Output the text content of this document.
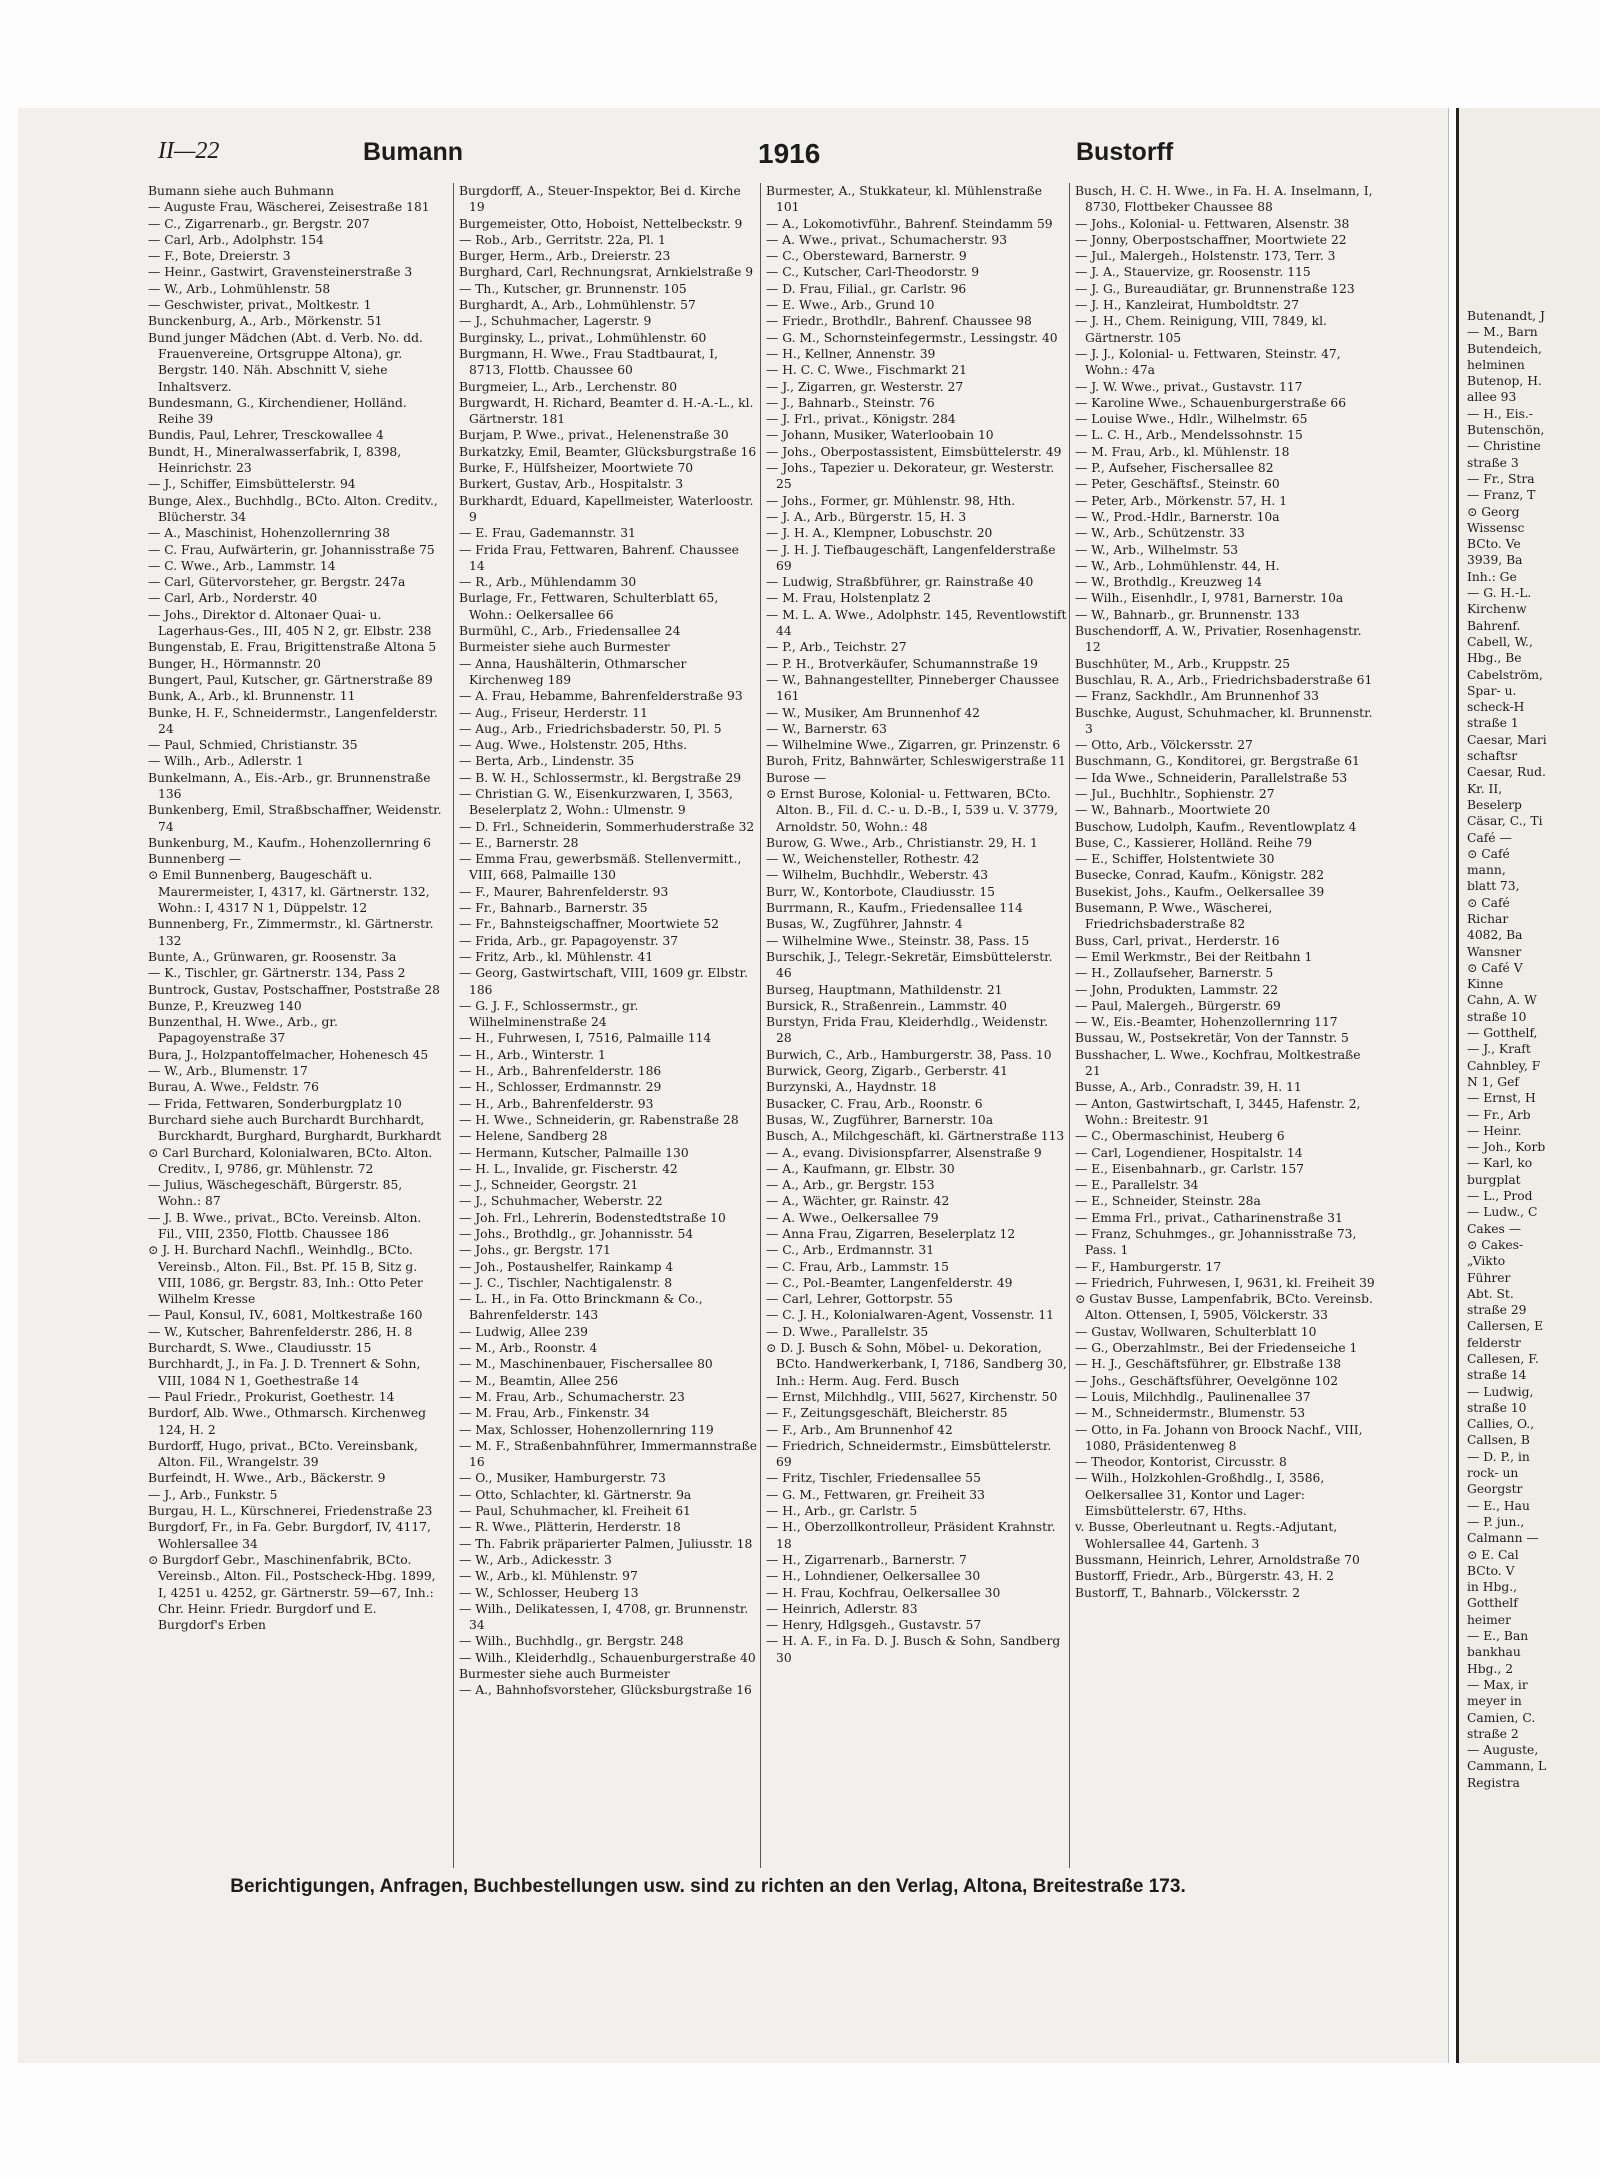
II—22	Bumann	1916	Bustorff

Bumann siehe auch Buhmann

— Auguste Frau, Wäscherei, Zeisestraße 181

— C., Zigarrenarb., gr. Bergstr. 207

— Carl, Arb., Adolphstr. 154

— F., Bote, Dreierstr. 3

— Heinr., Gastwirt, Gravensteinerstraße 3

— W., Arb., Lohmühlenstr. 58

— Geschwister, privat., Moltkestr. 1

Bunckenburg, A., Arb., Mörkenstr. 51

Bund junger Mädchen (Abt. d. Verb. No. dd. Frauenvereine, Ortsgruppe Altona), gr. Bergstr. 140. Näh. Abschnitt V, siehe Inhaltsverz.

Bundesmann, G., Kirchendiener, Holländ. Reihe 39

Bundis, Paul, Lehrer, Tresckowallee 4

Bundt, H., Mineralwasserfabrik, I, 8398, Heinrichstr. 23

— J., Schiffer, Eimsbüttelerstr. 94

Bunge, Alex., Buchhdlg., BCto. Alton. Creditv., Blücherstr. 34

— A., Maschinist, Hohenzollernring 38

— C. Frau, Aufwärterin, gr. Johannisstraße 75

— C. Wwe., Arb., Lammstr. 14

— Carl, Gütervorsteher, gr. Bergstr. 247a

— Carl, Arb., Norderstr. 40

— Johs., Direktor d. Altonaer Quai- u. Lagerhaus-Ges., III, 405 N 2, gr. Elbstr. 238

Bungenstab, E. Frau, Brigittenstraße Altona 5

Bunger, H., Hörmannstr. 20

Bungert, Paul, Kutscher, gr. Gärtnerstraße 89

Bunk, A., Arb., kl. Brunnenstr. 11

Bunke, H. F., Schneidermstr., Langenfelderstr. 24

— Paul, Schmied, Christianstr. 35

— Wilh., Arb., Adlerstr. 1

Bunkelmann, A., Eis.-Arb., gr. Brunnenstraße 136

Bunkenberg, Emil, Straßbschaffner, Weidenstr. 74

Bunkenburg, M., Kaufm., Hohenzollernring 6

Bunnenberg —

⊙ Emil Bunnenberg, Baugeschäft u. Maurermeister, I, 4317, kl. Gärtnerstr. 132, Wohn.: I, 4317 N 1, Düppelstr. 12

Bunnenberg, Fr., Zimmermstr., kl. Gärtnerstr. 132

Bunte, A., Grünwaren, gr. Roosenstr. 3a

— K., Tischler, gr. Gärtnerstr. 134, Pass 2

Buntrock, Gustav, Postschaffner, Poststraße 28

Bunze, P., Kreuzweg 140

Bunzenthal, H. Wwe., Arb., gr. Papagoyenstraße 37

Bura, J., Holzpantoffelmacher, Hohenesch 45

— W., Arb., Blumenstr. 17

Burau, A. Wwe., Feldstr. 76

— Frida, Fettwaren, Sonderburgplatz 10

Burchard siehe auch Burchardt Burchhardt, Burckhardt, Burghard, Burghardt, Burkhardt

⊙ Carl Burchard, Kolonialwaren, BCto. Alton. Creditv., I, 9786, gr. Mühlenstr. 72

— Julius, Wäschegeschäft, Bürgerstr. 85, Wohn.: 87

— J. B. Wwe., privat., BCto. Vereinsb. Alton. Fil., VIII, 2350, Flottb. Chaussee 186

⊙ J. H. Burchard Nachfl., Weinhdlg., BCto. Vereinsb., Alton. Fil., Bst. Pf. 15 B, Sitz g. VIII, 1086, gr. Bergstr. 83, Inh.: Otto Peter Wilhelm Kresse

— Paul, Konsul, IV., 6081, Moltkestraße 160

— W., Kutscher, Bahrenfelderstr. 286, H. 8

Burchardt, S. Wwe., Claudiusstr. 15

Burchhardt, J., in Fa. J. D. Trennert & Sohn, VIII, 1084 N 1, Goethestraße 14

— Paul Friedr., Prokurist, Goethestr. 14

Burdorf, Alb. Wwe., Othmarsch. Kirchenweg 124, H. 2

Burdorff, Hugo, privat., BCto. Vereinsbank, Alton. Fil., Wrangelstr. 39

Burfeindt, H. Wwe., Arb., Bäckerstr. 9

— J., Arb., Funkstr. 5

Burgau, H. L., Kürschnerei, Friedenstraße 23

Burgdorf, Fr., in Fa. Gebr. Burgdorf, IV, 4117, Wohlersallee 34

⊙ Burgdorf Gebr., Maschinenfabrik, BCto. Vereinsb., Alton. Fil., Postscheck-Hbg. 1899, I, 4251 u. 4252, gr. Gärtnerstr. 59—67, Inh.: Chr. Heinr. Friedr. Burgdorf und E. Burgdorf's Erben

Burgdorff, A., Steuer-Inspektor, Bei d. Kirche 19

Burgemeister, Otto, Hoboist, Nettelbeckstr. 9

— Rob., Arb., Gerritstr. 22a, Pl. 1

Burger, Herm., Arb., Dreierstr. 23

Burghard, Carl, Rechnungsrat, Arnkielstraße 9

— Th., Kutscher, gr. Brunnenstr. 105

Burghardt, A., Arb., Lohmühlenstr. 57

— J., Schuhmacher, Lagerstr. 9

Burginsky, L., privat., Lohmühlenstr. 60

Burgmann, H. Wwe., Frau Stadtbaurat, I, 8713, Flottb. Chaussee 60

Burgmeier, L., Arb., Lerchenstr. 80

Burgwardt, H. Richard, Beamter d. H.-A.-L., kl. Gärtnerstr. 181

Burjam, P. Wwe., privat., Helenenstraße 30

Burkatzky, Emil, Beamter, Glücksburgstraße 16

Burke, F., Hülfsheizer, Moortwiete 70

Burkert, Gustav, Arb., Hospitalstr. 3

Burkhardt, Eduard, Kapellmeister, Waterloostr. 9

— E. Frau, Gademannstr. 31

— Frida Frau, Fettwaren, Bahrenf. Chaussee 14

— R., Arb., Mühlendamm 30

Burlage, Fr., Fettwaren, Schulterblatt 65, Wohn.: Oelkersallee 66

Burmühl, C., Arb., Friedensallee 24

Burmeister siehe auch Burmester

— Anna, Haushälterin, Othmarscher Kirchenweg 189

— A. Frau, Hebamme, Bahrenfelderstraße 93

— Aug., Friseur, Herderstr. 11

— Aug., Arb., Friedrichsbaderstr. 50, Pl. 5

— Aug. Wwe., Holstenstr. 205, Hths.

— Berta, Arb., Lindenstr. 35

— B. W. H., Schlossermstr., kl. Bergstraße 29

— Christian G. W., Eisenkurzwaren, I, 3563, Beselerplatz 2, Wohn.: Ulmenstr. 9

— D. Frl., Schneiderin, Sommerhuderstraße 32

— E., Barnerstr. 28

— Emma Frau, gewerbsmäß. Stellenvermitt., VIII, 668, Palmaille 130

— F., Maurer, Bahrenfelderstr. 93

— Fr., Bahnarb., Barnerstr. 35

— Fr., Bahnsteigschaffner, Moortwiete 52

— Frida, Arb., gr. Papagoyenstr. 37

— Fritz, Arb., kl. Mühlenstr. 41

— Georg, Gastwirtschaft, VIII, 1609 gr. Elbstr. 186

— G. J. F., Schlossermstr., gr. Wilhelminenstraße 24

— H., Fuhrwesen, I, 7516, Palmaille 114

— H., Arb., Winterstr. 1

— H., Arb., Bahrenfelderstr. 186

— H., Schlosser, Erdmannstr. 29

— H., Arb., Bahrenfelderstr. 93

— H. Wwe., Schneiderin, gr. Rabenstraße 28

— Helene, Sandberg 28

— Hermann, Kutscher, Palmaille 130

— H. L., Invalide, gr. Fischerstr. 42

— J., Schneider, Georgstr. 21

— J., Schuhmacher, Weberstr. 22

— Joh. Frl., Lehrerin, Bodenstedtstraße 10

— Johs., Brothdlg., gr. Johannisstr. 54

— Johs., gr. Bergstr. 171

— Joh., Postaushelfer, Rainkamp 4

— J. C., Tischler, Nachtigalenstr. 8

— L. H., in Fa. Otto Brinckmann & Co., Bahrenfelderstr. 143

— Ludwig, Allee 239

— M., Arb., Roonstr. 4

— M., Maschinenbauer, Fischersallee 80

— M., Beamtin, Allee 256

— M. Frau, Arb., Schumacherstr. 23

— M. Frau, Arb., Finkenstr. 34

— Max, Schlosser, Hohenzollernring 119

— M. F., Straßenbahnführer, Immermannstraße 16

— O., Musiker, Hamburgerstr. 73

— Otto, Schlachter, kl. Gärtnerstr. 9a

— Paul, Schuhmacher, kl. Freiheit 61

— R. Wwe., Plätterin, Herderstr. 18

— Th. Fabrik präparierter Palmen, Juliusstr. 18

— W., Arb., Adickesstr. 3

— W., Arb., kl. Mühlenstr. 97

— W., Schlosser, Heuberg 13

— Wilh., Delikatessen, I, 4708, gr. Brunnenstr. 34

— Wilh., Buchhdlg., gr. Bergstr. 248

— Wilh., Kleiderhdlg., Schauenburgerstraße 40

Burmester siehe auch Burmeister

— A., Bahnhofsvorsteher, Glücksburgstraße 16

Burmester, A., Stukkateur, kl. Mühlenstraße 101

— A., Lokomotivführ., Bahrenf. Steindamm 59

— A. Wwe., privat., Schumacherstr. 93

— C., Obersteward, Barnerstr. 9

— C., Kutscher, Carl-Theodorstr. 9

— D. Frau, Filial., gr. Carlstr. 96

— E. Wwe., Arb., Grund 10

— Friedr., Brothdlr., Bahrenf. Chaussee 98

— G. M., Schornsteinfegermstr., Lessingstr. 40

— H., Kellner, Annenstr. 39

— H. C. C. Wwe., Fischmarkt 21

— J., Zigarren, gr. Westerstr. 27

— J., Bahnarb., Steinstr. 76

— J. Frl., privat., Königstr. 284

— Johann, Musiker, Waterloobain 10

— Johs., Oberpostassistent, Eimsbüttelerstr. 49

— Johs., Tapezier u. Dekorateur, gr. Westerstr. 25

— Johs., Former, gr. Mühlenstr. 98, Hth.

— J. A., Arb., Bürgerstr. 15, H. 3

— J. H. A., Klempner, Lobuschstr. 20

— J. H. J. Tiefbaugeschäft, Langenfelderstraße 69

— Ludwig, Straßbführer, gr. Rainstraße 40

— M. Frau, Holstenplatz 2

— M. L. A. Wwe., Adolphstr. 145, Reventlowstift 44

— P., Arb., Teichstr. 27

— P. H., Brotverkäufer, Schumannstraße 19

— W., Bahnangestellter, Pinneberger Chaussee 161

— W., Musiker, Am Brunnenhof 42

— W., Barnerstr. 63

— Wilhelmine Wwe., Zigarren, gr. Prinzenstr. 6

Buroh, Fritz, Bahnwärter, Schleswigerstraße 11

Burose —

⊙ Ernst Burose, Kolonial- u. Fettwaren, BCto. Alton. B., Fil. d. C.- u. D.-B., I, 539 u. V. 3779, Arnoldstr. 50, Wohn.: 48

Burow, G. Wwe., Arb., Christianstr. 29, H. 1

— W., Weichensteller, Rothestr. 42

— Wilhelm, Buchhdlr., Weberstr. 43

Burr, W., Kontorbote, Claudiusstr. 15

Burrmann, R., Kaufm., Friedensallee 114

Busas, W., Zugführer, Jahnstr. 4

— Wilhelmine Wwe., Steinstr. 38, Pass. 15

Burschik, J., Telegr.-Sekretär, Eimsbüttelerstr. 46

Burseg, Hauptmann, Mathildenstr. 21

Bursick, R., Straßenrein., Lammstr. 40

Burstyn, Frida Frau, Kleiderhdlg., Weidenstr. 28

Burwich, C., Arb., Hamburgerstr. 38, Pass. 10

Burwick, Georg, Zigarb., Gerberstr. 41

Burzynski, A., Haydnstr. 18

Busacker, C. Frau, Arb., Roonstr. 6

Busas, W., Zugführer, Barnerstr. 10a

Busch, A., Milchgeschäft, kl. Gärtnerstraße 113

— A., evang. Divisionspfarrer, Alsenstraße 9

— A., Kaufmann, gr. Elbstr. 30

— A., Arb., gr. Bergstr. 153

— A., Wächter, gr. Rainstr. 42

— A. Wwe., Oelkersallee 79

— Anna Frau, Zigarren, Beselerplatz 12

— C., Arb., Erdmannstr. 31

— C. Frau, Arb., Lammstr. 15

— C., Pol.-Beamter, Langenfelderstr. 49

— Carl, Lehrer, Gottorpstr. 55

— C. J. H., Kolonialwaren-Agent, Vossenstr. 11

— D. Wwe., Parallelstr. 35

⊙ D. J. Busch & Sohn, Möbel- u. Dekoration, BCto. Handwerkerbank, I, 7186, Sandberg 30, Inh.: Herm. Aug. Ferd. Busch

— Ernst, Milchhdlg., VIII, 5627, Kirchenstr. 50

— F., Zeitungsgeschäft, Bleicherstr. 85

— F., Arb., Am Brunnenhof 42

— Friedrich, Schneidermstr., Eimsbüttelerstr. 69

— Fritz, Tischler, Friedensallee 55

— G. M., Fettwaren, gr. Freiheit 33

— H., Arb., gr. Carlstr. 5

— H., Oberzollkontrolleur, Präsident Krahnstr. 18

— H., Zigarrenarb., Barnerstr. 7

— H., Lohndiener, Oelkersallee 30

— H. Frau, Kochfrau, Oelkersallee 30

— Heinrich, Adlerstr. 83

— Henry, Hdlgsgeh., Gustavstr. 57

— H. A. F., in Fa. D. J. Busch & Sohn, Sandberg 30

Busch, H. C. H. Wwe., in Fa. H. A. Inselmann, I, 8730, Flottbeker Chaussee 88

— Johs., Kolonial- u. Fettwaren, Alsenstr. 38

— Jonny, Oberpostschaffner, Moortwiete 22

— Jul., Malergeh., Holstenstr. 173, Terr. 3

— J. A., Stauervize, gr. Roosenstr. 115

— J. G., Bureaudiätar, gr. Brunnenstraße 123

— J. H., Kanzleirat, Humboldtstr. 27

— J. H., Chem. Reinigung, VIII, 7849, kl. Gärtnerstr. 105

— J. J., Kolonial- u. Fettwaren, Steinstr. 47, Wohn.: 47a

— J. W. Wwe., privat., Gustavstr. 117

— Karoline Wwe., Schauenburgerstraße 66

— Louise Wwe., Hdlr., Wilhelmstr. 65

— L. C. H., Arb., Mendelssohnstr. 15

— M. Frau, Arb., kl. Mühlenstr. 18

— P., Aufseher, Fischersallee 82

— Peter, Geschäftsf., Steinstr. 60

— Peter, Arb., Mörkenstr. 57, H. 1

— W., Prod.-Hdlr., Barnerstr. 10a

— W., Arb., Schützenstr. 33

— W., Arb., Wilhelmstr. 53

— W., Arb., Lohmühlenstr. 44, H.

— W., Brothdlg., Kreuzweg 14

— Wilh., Eisenhdlr., I, 9781, Barnerstr. 10a

— W., Bahnarb., gr. Brunnenstr. 133

Buschendorff, A. W., Privatier, Rosenhagenstr. 12

Buschhüter, M., Arb., Kruppstr. 25

Buschlau, R. A., Arb., Friedrichsbaderstraße 61

— Franz, Sackhdlr., Am Brunnenhof 33

Buschke, August, Schuhmacher, kl. Brunnenstr. 3

— Otto, Arb., Völckersstr. 27

Buschmann, G., Konditorei, gr. Bergstraße 61

— Ida Wwe., Schneiderin, Parallelstraße 53

— Jul., Buchhltr., Sophienstr. 27

— W., Bahnarb., Moortwiete 20

Buschow, Ludolph, Kaufm., Reventlowplatz 4

Buse, C., Kassierer, Holländ. Reihe 79

— E., Schiffer, Holstentwiete 30

Busecke, Conrad, Kaufm., Königstr. 282

Busekist, Johs., Kaufm., Oelkersallee 39

Busemann, P. Wwe., Wäscherei, Friedrichsbaderstraße 82

Buss, Carl, privat., Herderstr. 16

— Emil Werkmstr., Bei der Reitbahn 1

— H., Zollaufseher, Barnerstr. 5

— John, Produkten, Lammstr. 22

— Paul, Malergeh., Bürgerstr. 69

— W., Eis.-Beamter, Hohenzollernring 117

Bussau, W., Postsekretär, Von der Tannstr. 5

Busshacher, L. Wwe., Kochfrau, Moltkestraße 21

Busse, A., Arb., Conradstr. 39, H. 11

— Anton, Gastwirtschaft, I, 3445, Hafenstr. 2, Wohn.: Breitestr. 91

— C., Obermaschinist, Heuberg 6

— Carl, Logendiener, Hospitalstr. 14

— E., Eisenbahnarb., gr. Carlstr. 157

— E., Parallelstr. 34

— E., Schneider, Steinstr. 28a

— Emma Frl., privat., Catharinenstraße 31

— Franz, Schuhmges., gr. Johannisstraße 73, Pass. 1

— F., Hamburgerstr. 17

— Friedrich, Fuhrwesen, I, 9631, kl. Freiheit 39

⊙ Gustav Busse, Lampenfabrik, BCto. Vereinsb. Alton. Ottensen, I, 5905, Völckerstr. 33

— Gustav, Wollwaren, Schulterblatt 10

— G., Oberzahlmstr., Bei der Friedenseiche 1

— H. J., Geschäftsführer, gr. Elbstraße 138

— Johs., Geschäftsführer, Oevelgönne 102

— Louis, Milchhdlg., Paulinenallee 37

— M., Schneidermstr., Blumenstr. 53

— Otto, in Fa. Johann von Broock Nachf., VIII, 1080, Präsidentenweg 8

— Theodor, Kontorist, Circusstr. 8

— Wilh., Holzkohlen-Großhdlg., I, 3586, Oelkersallee 31, Kontor und Lager: Eimsbüttelerstr. 67, Hths.

v. Busse, Oberleutnant u. Regts.-Adjutant, Wohlersallee 44, Gartenh. 3

Bussmann, Heinrich, Lehrer, Arnoldstraße 70

Bustorff, Friedr., Arb., Bürgerstr. 43, H. 2

Bustorff, T., Bahnarb., Völckersstr. 2

Berichtigungen, Anfragen, Buchbestellungen usw. sind zu richten an den Verlag, Altona, Breitestraße 173.

Butenandt, J

— M., Barn

Butendeich,

helminen

Butenop, H.

allee 93

— H., Eis.-

Butenschön,

— Christine

straße 3

— Fr., Stra

— Franz, T

⊙ Georg

Wissensc

BCto. Ve

3939, Ba

Inh.: Ge

— G. H.-L.

Kirchenw

Bahrenf.

Cabell, W.,

Hbg., Be

Cabelström,

Spar- u.

scheck-H

straße 1

Caesar, Mari

schaftsr

Caesar, Rud.

Kr. II,

Beselerp

Cäsar, C., Ti

Café —

⊙ Café

mann,

blatt 73,

⊙ Café

Richar

4082, Ba

Wansner

⊙ Café V

Kinne

Cahn, A. W

straße 10

— Gotthelf,

— J., Kraft

Cahnbley, F

N 1, Gef

— Ernst, H

— Fr., Arb

— Heinr.

— Joh., Korb

— Karl, ko

burgplat

— L., Prod

— Ludw., C

Cakes —

⊙ Cakes-

„Vikto

Führer

Abt. St.

straße 29

Callersen, E

felderstr

Callesen, F.

straße 14

— Ludwig,

straße 10

Callies, O.,

Callsen, B

— D. P., in

rock- un

Georgstr

— E., Hau

— P. jun.,

Calmann —

⊙ E. Cal

BCto. V

in Hbg.,

Gotthelf

heimer

— E., Ban

bankhau

Hbg., 2

— Max, ir

meyer in

Camien, C.

straße 2

— Auguste,

Cammann, L

Registra
